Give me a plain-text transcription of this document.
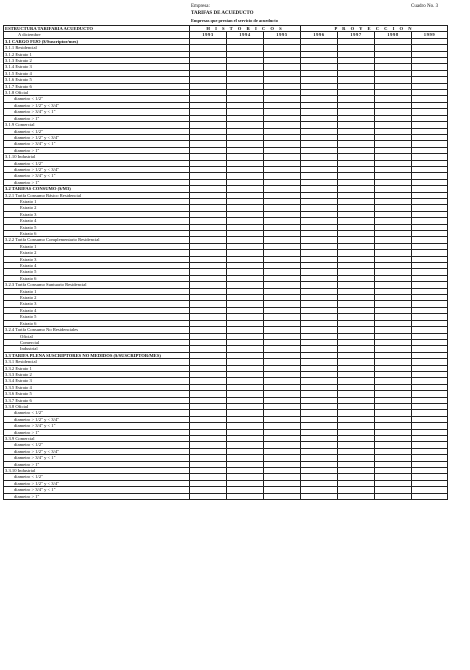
Empresa:	Cuadro No. 3
TARIFAS DE ACUEDUCTO
Empresas que prestan el servicio de acueducto
ESTRUCTURA TARIFARIA ACUEDUCTO	H I S T O R I C O S			P R O Y E C C I O N			
A diciembre	1993	1994	1995	1996	1997	1998	1999
3.1 CARGO FIJO ($/Suscriptor/mes)							
3.1.1 Residencial							
3.1.2 Estrato 1							
3.1.3 Estrato 2							
3.1.4 Estrato 3							
3.1.5 Estrato 4							
3.1.6 Estrato 5							
3.1.7 Estrato 6							
3.1.8 Oficial							
diametro < 1/2"							
diametro > 1/2" y < 3/4"							
diametro > 3/4" y < 1"							
diametro > 1"							
3.1.9 Comercial							
diametro < 1/2"							
diametro > 1/2" y < 3/4"							
diametro > 3/4" y < 1"							
diametro > 1"							
3.1.10 Industrial							
diametro < 1/2"							
diametro > 1/2" y < 3/4"							
diametro > 3/4" y < 1"							
diametro > 1"							
3.2 TARIFAS CONSUMO ($/M3)							
3.2.1 Tarifa Consumo Básico Residencial							
Estrato 1							
Estrato 2							
Estrato 3							
Estrato 4							
Estrato 5							
Estrato 6							
3.2.2 Tarifa Consumo Complementario Residencial							
Estrato 1							
Estrato 2							
Estrato 3							
Estrato 4							
Estrato 5							
Estrato 6							
3.2.3 Tarifa Consumo Suntuario Residencial							
Estrato 1							
Estrato 2							
Estrato 3							
Estrato 4							
Estrato 5							
Estrato 6							
3.2.4 Tarifa Consumo No Residenciales							
Oficial							
Comercial							
Industrial							
3.3 TARIFA PLENA SUSCRIPTORES NO MEDIDOS ($/SUSCRIPTOR/MES)							
3.3.1 Residencial							
3.3.2 Estrato 1							
3.3.3 Estrato 2							
3.3.4 Estrato 3							
3.3.5 Estrato 4							
3.3.6 Estrato 5							
3.3.7 Estrato 6							
3.3.8 Oficial							
diametro < 1/2"							
diametro > 1/2" y < 3/4"							
diametro > 3/4" y < 1"							
diametro > 1"							
3.3.9 Comercial							
diametro < 1/2"							
diametro > 1/2" y < 3/4"							
diametro > 3/4" y < 1"							
diametro > 1"							
3.3.10 Industrial							
diametro < 1/2"							
diametro > 1/2" y < 3/4"							
diametro > 3/4" y < 1"							
diametro > 1"							
